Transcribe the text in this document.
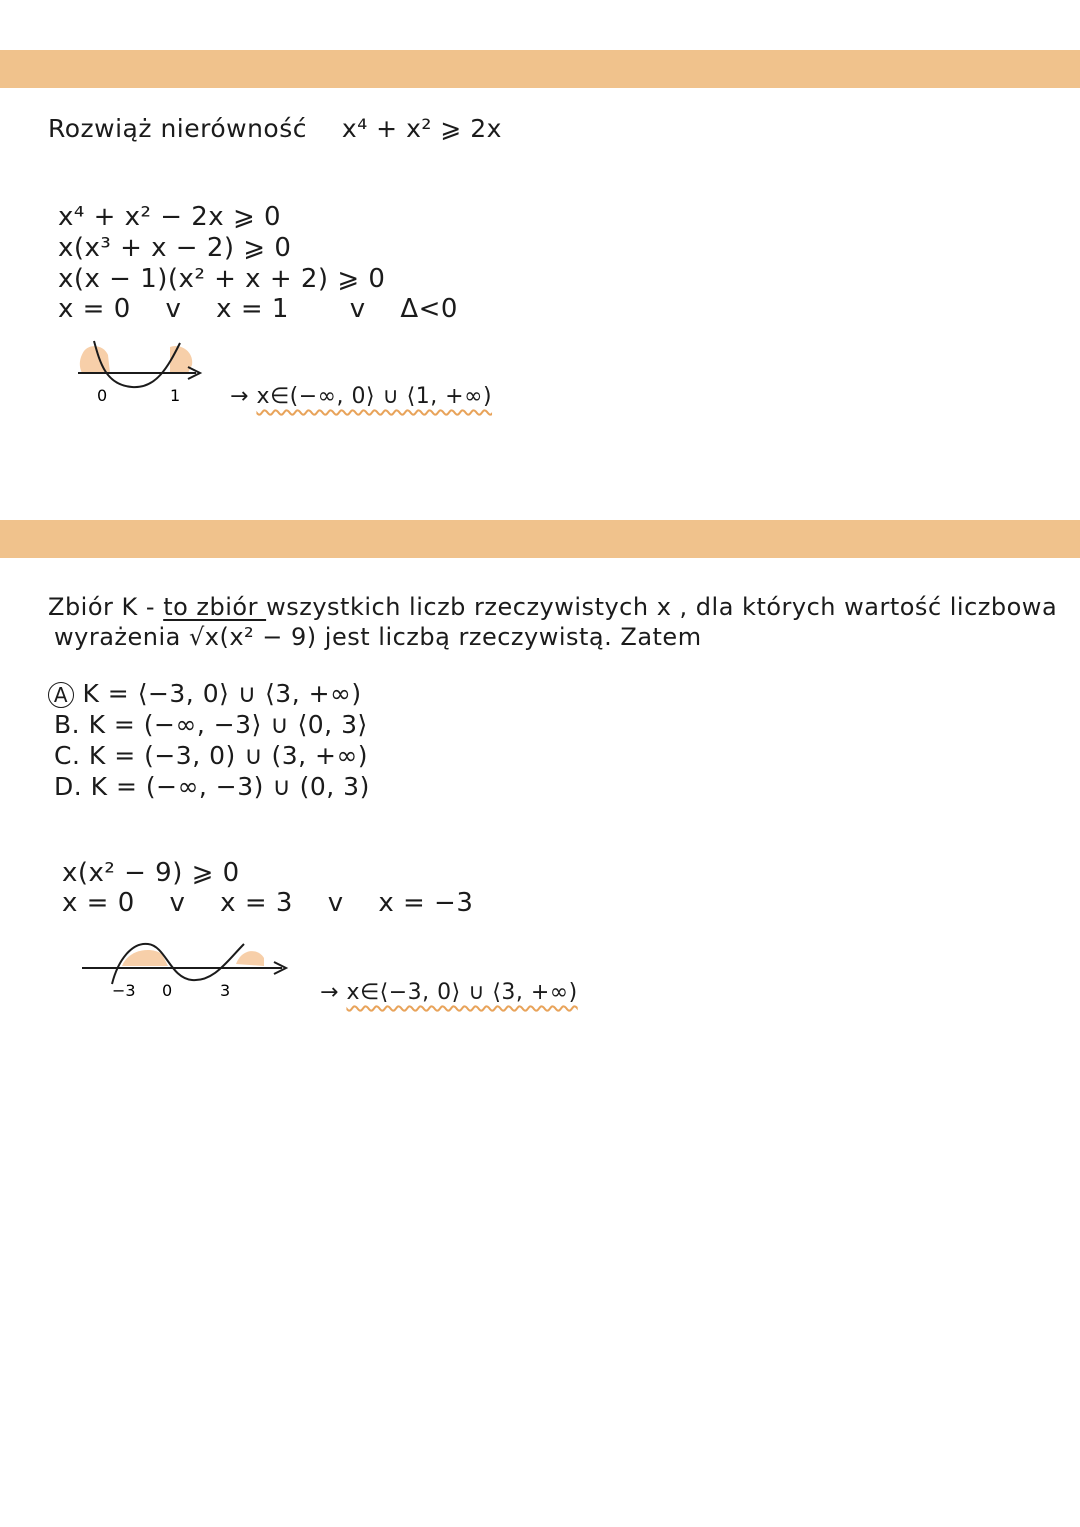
Rozwiąż nierówność x⁴ + x² ⩾ 2x
x⁴ + x² − 2x ⩾ 0
x(x³ + x − 2) ⩾ 0
x(x − 1)(x² + x + 2) ⩾ 0
x = 0 v x = 1 v Δ<0
0	1 → x∈(−∞, 0⟩ ∪ ⟨1, +∞)
Zbiór K - to zbiór wszystkich liczb rzeczywistych x , dla których wartość liczbowa
wyrażenia √x(x² − 9) jest liczbą rzeczywistą. Zatem
A K = ⟨−3, 0⟩ ∪ ⟨3, +∞)
B. K = (−∞, −3⟩ ∪ ⟨0, 3⟩
C. K = (−3, 0) ∪ (3, +∞)
D. K = (−∞, −3) ∪ (0, 3)
x(x² − 9) ⩾ 0
x = 0 v x = 3 v x = −3
−3 0	3	→ x∈⟨−3, 0⟩ ∪ ⟨3, +∞)
